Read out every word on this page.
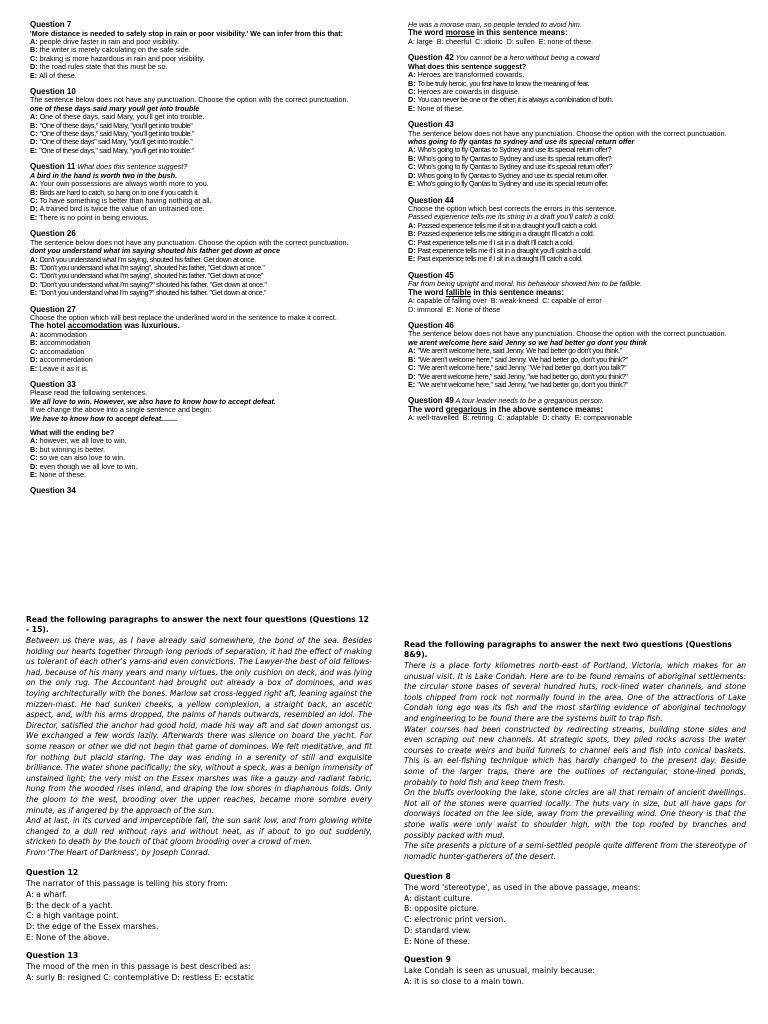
Question 7
'More distance is needed to safely stop in rain or poor visibility.' We can infer from this that:
A: people drive faster in rain and poor visibility.
B: the writer is merely calculating on the safe side.
C: braking is more hazardous in rain and poor visibility.
D: the road rules state that this must be so.
E: All of these.
Question 10
The sentence below does not have any punctuation. Choose the option with the correct punctuation.
one of these days said mary youll get into trouble
A: One of these days, said Mary, you'll get into trouble.
B: "One of these days," said Mary, "you'll get into trouble"
C: "One of these days," said Mary, "you'll get into trouble."
D: "One of these days" said Mary, "you'll get into trouble."
E: "One of these days," said Mary, "you'll get into trouble."
Question 11 What does this sentence suggest?
A bird in the hand is worth two in the bush.
A: Your own possessions are always worth more to you.
B: Birds are hard to catch, so hang on to one if you catch it.
C: To have something is better than having nothing at all.
D: A trained bird is twice the value of an untrained one.
E: There is no point in being envious.
Question 26
The sentence below does not have any punctuation. Choose the option with the correct punctuation.
dont you understand what im saying shouted his father get down at once
A: Don't you understand what I'm saying, shouted his father. Get down at once.
B: "Don't you understand what I'm saying", shouted his father, "Get down at once."
C: "Don't you understand what I'm saying", shouted his father. "Get down at once"
D: "Don't you understand what I'm saying?" shouted his father. "Get down at once."
E: "Don't you understand what I'm saying?" shouted his father. "Get down at once."
Question 27
Choose the option which will best replace the underlined word in the sentence to make it correct.
The hotel accomodation was luxurious.
A: acommodation
B: accommodation
C: accomadation
D: accommerdation
E: Leave it as it is.
Question 33
Please read the following sentences.
We all love to win. However, we also have to know how to accept defeat.
If we change the above into a single sentence and begin:
We have to know how to accept defeat........
What will the ending be?
A: however, we all love to win.
B: but winning is better.
C: so we can also love to win.
D: even though we all love to win.
E: None of these.
Question 34
He was a morose man, so people tended to avoid him.
The word morose in this sentence means:
A: large  B: cheerful  C: idiotic  D: sullen  E: none of these.
Question 42 You cannot be a hero without being a coward
What does this sentence suggest?
A: Heroes are transformed cowards.
B: To be truly heroic, you first have to know the meaning of fear.
C: Heroes are cowards in disguise.
D: You can never be one or the other; it is always a combination of both.
E: None of these.
Question 43
The sentence below does not have any punctuation. Choose the option with the correct punctuation.
whos going to fly qantas to sydney and use its special return offer
A: Who's going to fly Qantas to Sydney and use its special return offer?
B: Who's going to fly Qantas to Sydney and use its special return offer?
C: Who's going to fly Qantas to Sydney and use it's special return offer?
D: Whos going to fly Qantas to Sydney and use its special return offer.
E: Who's going to fly Qantas to Sydney and use its special return offer.
Question 44
Choose the option which best corrects the errors in this sentence.
Passed experience tells me its string in a draft you'll catch a cold.
A: Passed experience tells me if sit in a draught you'll catch a cold.
B: Passed experience tells me sitting in a draught I'll catch a cold.
C: Past experience tells me if I sit in a draft I'll catch a cold.
D: Past experience tells me if I sit in a draught you'll catch a cold.
E: Past experience tells me if I sit in a draught I'll catch a cold.
Question 45
Far from being upright and moral, his behaviour showed him to be fallible.
The word fallible in this sentence means:
A: capable of falling over  B: weak-kneed  C: capable of error
D: immoral  E: None of these
Question 46
The sentence below does not have any punctuation. Choose the option with the correct punctuation.
we arent welcome here said Jenny so we had better go dont you think
A: "We aren't welcome here, said Jenny. We had better go don't you think."
B: "We aren't welcome here," said Jenny. We had better go, don't you think?"
C: "We aren't welcome here," said Jenny. "We had better go, don't you talk?"
D: "We arent welcome here," said Jenny, "we had better go, don't you think?"
E: "We are'nt welcome here," said Jenny, "we had better go, don't you think?"
Question 49 A tour leader needs to be a gregarious person.
The word gregarious in the above sentence means:
A: well-travelled  B: retiring  C: adaptable  D: chatty  E: companionable
Read the following paragraphs to answer the next four questions (Questions 12 - 15).

Between us there was, as I have already said somewhere, the bond of the sea. Besides holding our hearts together through long periods of separation, it had the effect of making us tolerant of each other's yarns-and even convictions. The Lawyer-the best of old fellows-had, because of his many years and many virtues, the only cushion on deck, and was lying on the only rug. The Accountant had brought out already a box of dominoes, and was toying architecturally with the bones. Marlow sat cross-legged right aft, leaning against the mizzen-mast. He had sunken cheeks, a yellow complexion, a straight back, an ascetic aspect, and, with his arms dropped, the palms of hands outwards, resembled an idol. The Director, satisfied the anchor had good hold, made his way aft and sat down amongst us. We exchanged a few words lazily. Afterwards there was silence on board the yacht. For some reason or other we did not begin that game of dominoes. We felt meditative, and fit for nothing but placid staring. The day was ending in a serenity of still and exquisite brilliance. The water shone pacifically; the sky, without a speck, was a benign immensity of unstained light; the very mist on the Essex marshes was like a gauzy and radiant fabric, hung from the wooded rises inland, and draping the low shores in diaphanous folds. Only the gloom to the west, brooding over the upper reaches, became more sombre every minute, as if angered by the approach of the sun.

And at last, in its curved and imperceptible fall, the sun sank low, and from glowing white changed to a dull red without rays and without heat, as if about to go out suddenly, stricken to death by the touch of that gloom brooding over a crowd of men.

From 'The Heart of Darkness', by Joseph Conrad.

Question 12
The narrator of this passage is telling his story from:
A: a wharf.
B: the deck of a yacht.
C: a high vantage point.
D: the edge of the Essex marshes.
E: None of the above.
Question 13
The mood of the men in this passage is best described as:
A: surly B: resigned C: contemplative D: restless E: ecstatic
Read the following paragraphs to answer the next two questions (Questions 8&9).

There is a place forty kilometres north-east of Portland, Victoria, which makes for an unusual visit. It is Lake Condah. Here are to be found remains of aboriginal settlements: the circular stone bases of several hundred huts, rock-lined water channels, and stone tools chipped from rock not normally found in the area. One of the attractions of Lake Condah long ago was its fish and the most startling evidence of aboriginal technology and engineering to be found there are the systems built to trap fish.

Water courses had been constructed by redirecting streams, building stone sides and even scraping out new channels. At strategic spots, they piled rocks across the water courses to create weirs and build funnels to channel eels and fish into conical baskets. This is an eel-fishing technique which has hardly changed to the present day. Beside some of the larger traps, there are the outlines of rectangular, stone-lined ponds, probably to hold fish and keep them fresh.

On the bluffs overlooking the lake, stone circles are all that remain of ancient dwellings. Not all of the stones were quarried locally. The huts vary in size, but all have gaps for doorways located on the lee side, away from the prevailing wind. One theory is that the stone walls were only waist to shoulder high, with the top roofed by branches and possibly packed with mud.

The site presents a picture of a semi-settled people quite different from the stereotype of nomadic hunter-gatherers of the desert.

Question 8
The word 'stereotype', as used in the above passage, means:
A: distant culture.
B: opposite picture.
C: electronic print version.
D: standard view.
E: None of these.
Question 9
Lake Condah is seen as unusual, mainly because:
A: it is so close to a main town.
